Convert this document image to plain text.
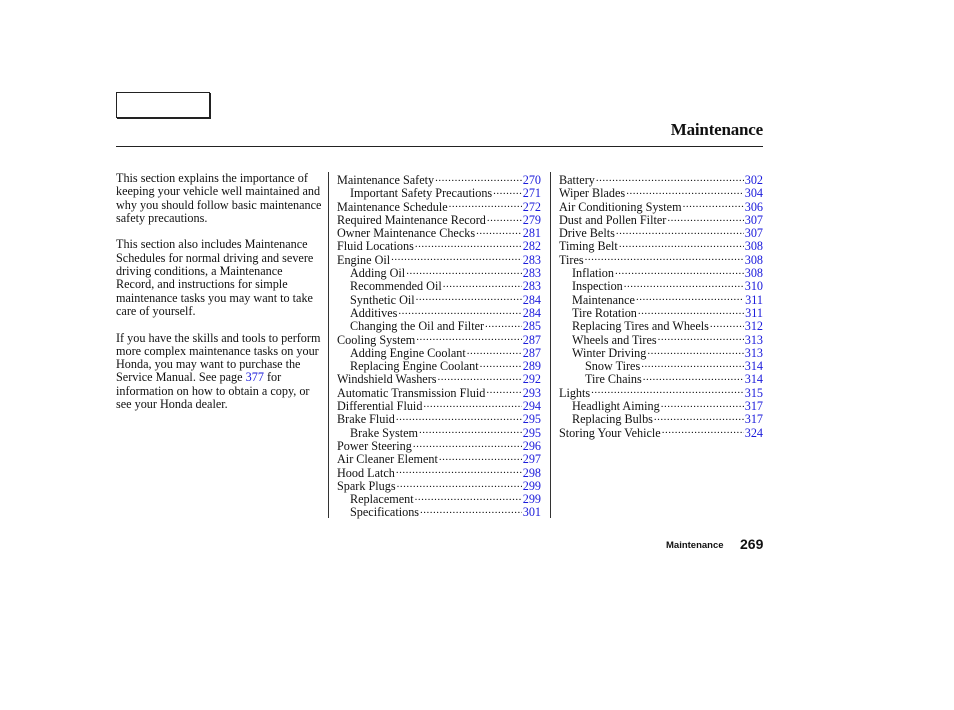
Maintenance

This section explains the importance of keeping your vehicle well maintained and why you should follow basic maintenance safety precautions.

This section also includes Maintenance Schedules for normal driving and severe driving conditions, a Maintenance Record, and instructions for simple maintenance tasks you may want to take care of yourself.

If you have the skills and tools to perform more complex maintenance tasks on your Honda, you may want to purchase the Service Manual. See page 377 for information on how to obtain a copy, or see your Honda dealer.

Maintenance Safety .....	270
Important Safety Precautions .....	271
Maintenance Schedule .....	272
Required Maintenance Record .....	279
Owner Maintenance Checks .....	281
Fluid Locations .....	282
Engine Oil .....	283
Adding Oil .....	283
Recommended Oil .....	283
Synthetic Oil .....	284
Additives .....	284
Changing the Oil and Filter .....	285
Cooling System .....	287
Adding Engine Coolant .....	287
Replacing Engine Coolant .....	289
Windshield Washers .....	292
Automatic Transmission Fluid .....	293
Differential Fluid .....	294
Brake Fluid .....	295
Brake System .....	295
Power Steering .....	296
Air Cleaner Element .....	297
Hood Latch .....	298
Spark Plugs .....	299
Replacement .....	299
Specifications .....	301
Battery .....	302
Wiper Blades .....	304
Air Conditioning System .....	306
Dust and Pollen Filter .....	307
Drive Belts .....	307
Timing Belt .....	308
Tires .....	308
Inflation .....	308
Inspection .....	310
Maintenance .....	311
Tire Rotation .....	311
Replacing Tires and Wheels .....	312
Wheels and Tires .....	313
Winter Driving .....	313
Snow Tires .....	314
Tire Chains .....	314
Lights .....	315
Headlight Aiming .....	317
Replacing Bulbs .....	317
Storing Your Vehicle .....	324
Maintenance 269
